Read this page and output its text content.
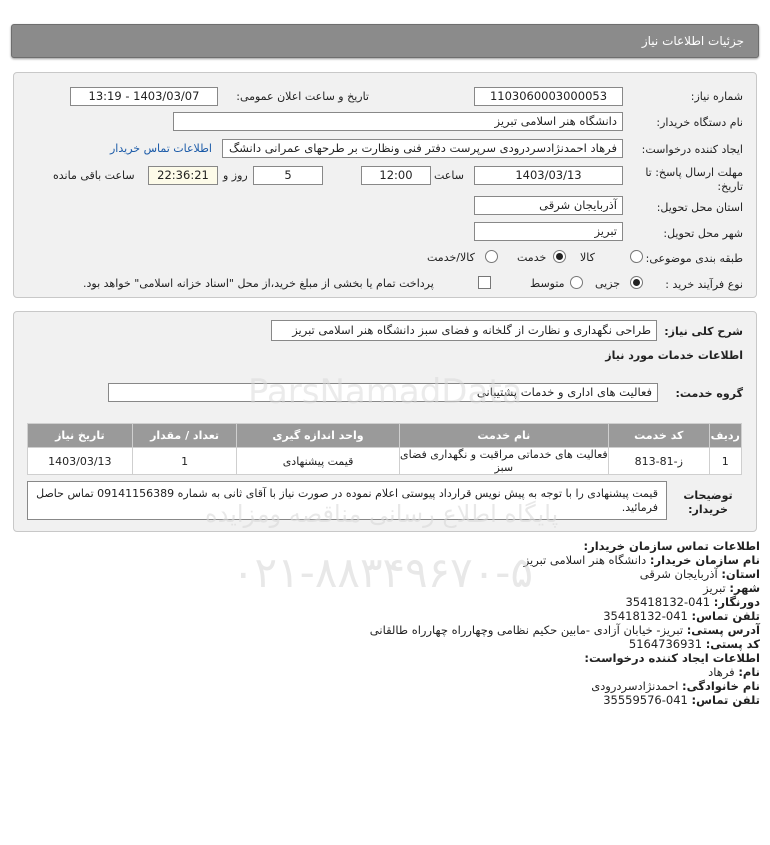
جزئیات اطلاعات نیاز
شماره نیاز:
1103060003000053
تاریخ و ساعت اعلان عمومی:
1403/03/07 - 13:19
نام دستگاه خریدار:
دانشگاه هنر اسلامی تبریز
ایجاد کننده درخواست:
فرهاد احمدنژادسردرودی سرپرست دفتر فنی ونظارت بر طرحهای عمرانی دانشگ
اطلاعات تماس خریدار
مهلت ارسال پاسخ: تا تاریخ:
1403/03/13
ساعت
12:00
5
روز و
22:36:21
ساعت باقی مانده
استان محل تحویل:
آذربایجان شرقی
شهر محل تحویل:
تبریز
طبقه بندی موضوعی:
کالا
خدمت
کالا/خدمت
نوع فرآیند خرید :
جزیی
متوسط
پرداخت تمام یا بخشی از مبلغ خرید،از محل "اسناد خزانه اسلامی" خواهد بود.
شرح کلی نیاز:
طراحی نگهداری و نظارت از گلخانه و فضای سبز دانشگاه هنر اسلامی تبریز
اطلاعات خدمات مورد نیاز
گروه خدمت:
فعالیت های اداری و خدمات پشتیبانی
ردیف	کد خدمت	نام خدمت	واحد اندازه گیری	تعداد / مقدار	تاریخ نیاز
1	ز-81-813	فعالیت های خدماتی مراقبت و نگهداری فضای سبز	قیمت پیشنهادی	1	1403/03/13
توضیحات خریدار:
قیمت پیشنهادی را با توجه به پیش نویس قرارداد پیوستی اعلام نموده در صورت نیاز با آقای ثانی به شماره 09141156389 تماس حاصل فرمائید.
اطلاعات تماس سازمان خریدار:
نام سازمان خریدار: دانشگاه هنر اسلامی تبریز
استان: آذربایجان شرقی
شهر: تبریز
دورنگار: 041-35418132
تلفن تماس: 041-35418132
آدرس پستی: تبریز- خیابان آزادی -مابین حکیم نظامی وچهارراه چهارراه طالقانی
کد پستی: 5164736931
اطلاعات ایجاد کننده درخواست:
نام: فرهاد
نام خانوادگی: احمدنژادسردرودی
تلفن تماس: 041-35559576
ParsNamadData
پایگاه اطلاع رسانی مناقصه ومزایده
۰۲۱-۸۸۳۴۹۶۷۰-۵
